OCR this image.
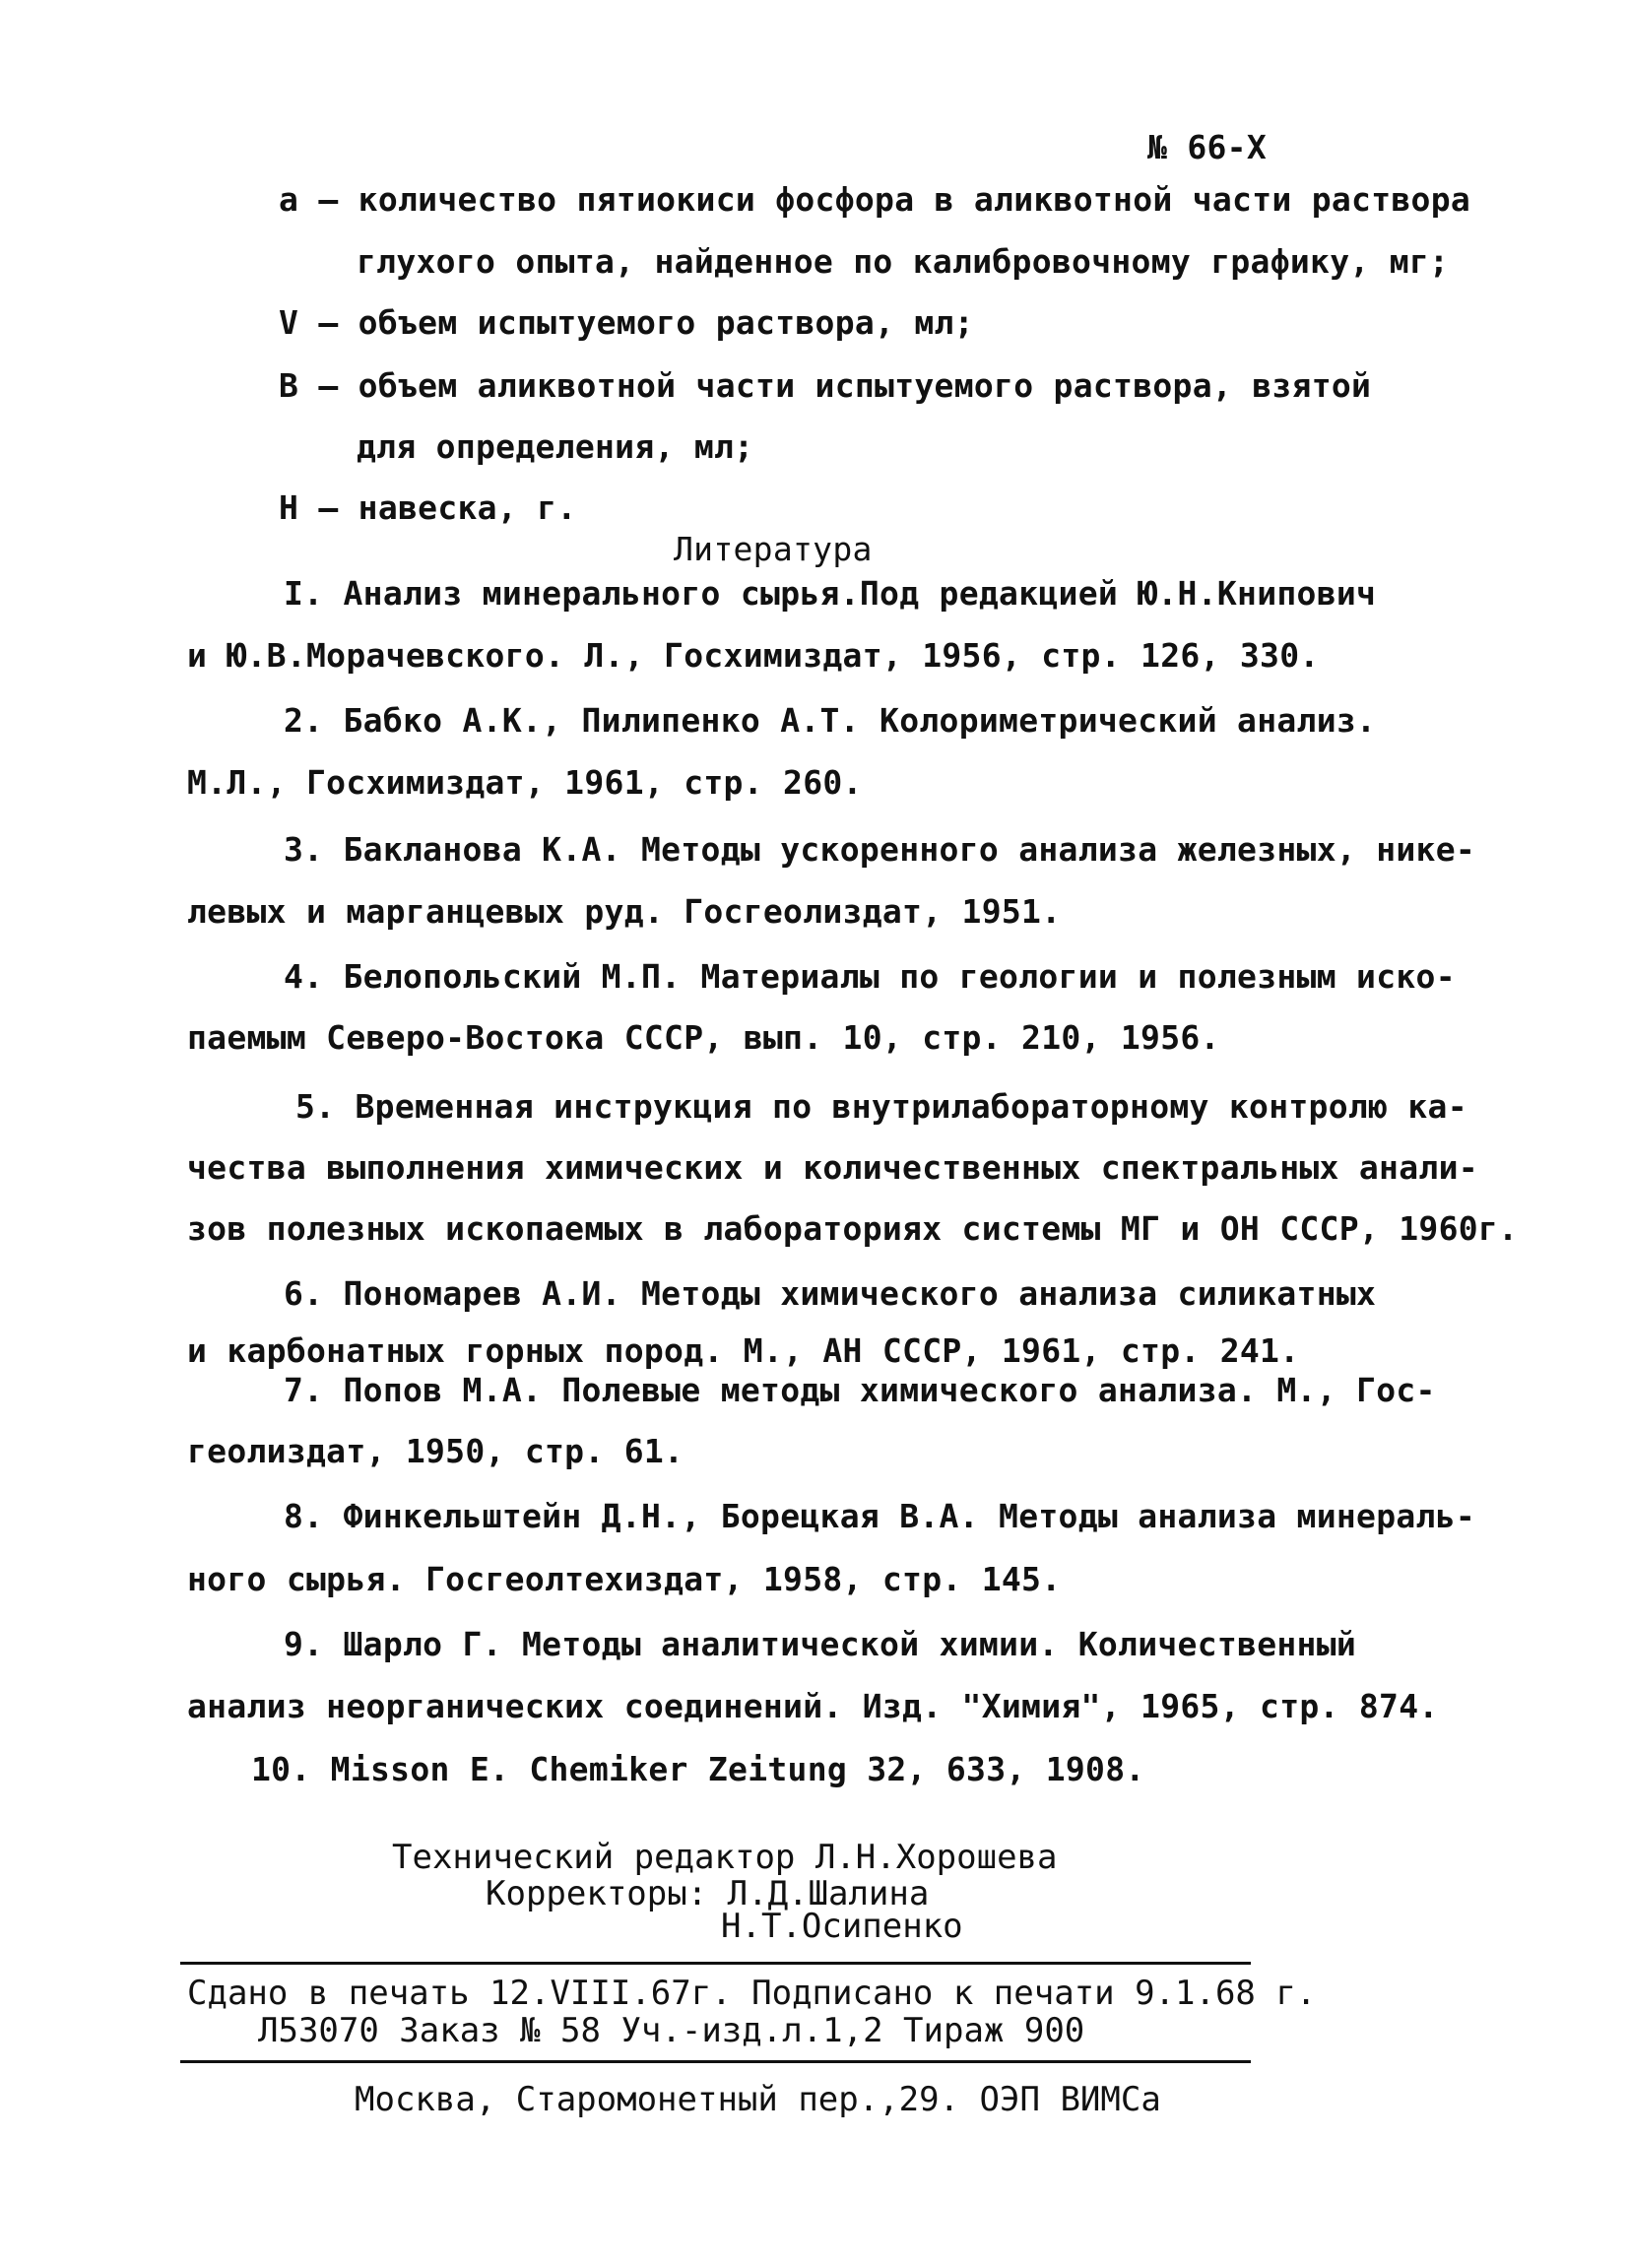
№ 66-Х
а – количество пятиокиси фосфора в аликвотной части раствора
глухого опыта, найденное по калибровочному графику, мг;
V – объем испытуемого раствора, мл;
В – объем аликвотной части испытуемого раствора, взятой
для определения, мл;
Н – навеска, г.
Литература
I. Анализ минерального сырья.Под редакцией Ю.Н.Книпович
и Ю.В.Морачевского. Л., Госхимиздат, 1956, стр. 126, 330.
2. Бабко А.К., Пилипенко А.Т. Колориметрический анализ.
М.Л., Госхимиздат, 1961, стр. 260.
3. Бакланова К.А. Методы ускоренного анализа железных, нике-
левых и марганцевых руд. Госгеолиздат, 1951.
4. Белопольский М.П. Материалы по геологии и полезным иско-
паемым Северо-Востока СССР, вып. 10, стр. 210, 1956.
5. Временная инструкция по внутрилабораторному контролю ка-
чества выполнения химических и количественных спектральных анали-
зов полезных ископаемых в лабораториях системы МГ и ОН СССР, 1960г.
6. Пономарев А.И. Методы химического анализа силикатных
и карбонатных горных пород. М., АН СССР, 1961, стр. 241.
7. Попов М.А. Полевые методы химического анализа. М., Гос-
геолиздат, 1950, стр. 61.
8. Финкельштейн Д.Н., Борецкая В.А. Методы анализа минераль-
ного сырья. Госгеолтехиздат, 1958, стр. 145.
9. Шарло Г. Методы аналитической химии. Количественный
анализ неорганических соединений. Изд. "Химия", 1965, стр. 874.
10. Misson E. Chemiker Zeitung 32, 633, 1908.
Технический редактор Л.Н.Хорошева
Корректоры: Л.Д.Шалина
Н.Т.Осипенко
Сдано в печать 12.VIII.67г. Подписано к печати 9.1.68 г.
Л53070 Заказ № 58 Уч.-изд.л.1,2 Тираж 900
Москва, Старомонетный пер.,29. ОЭП ВИМСа
